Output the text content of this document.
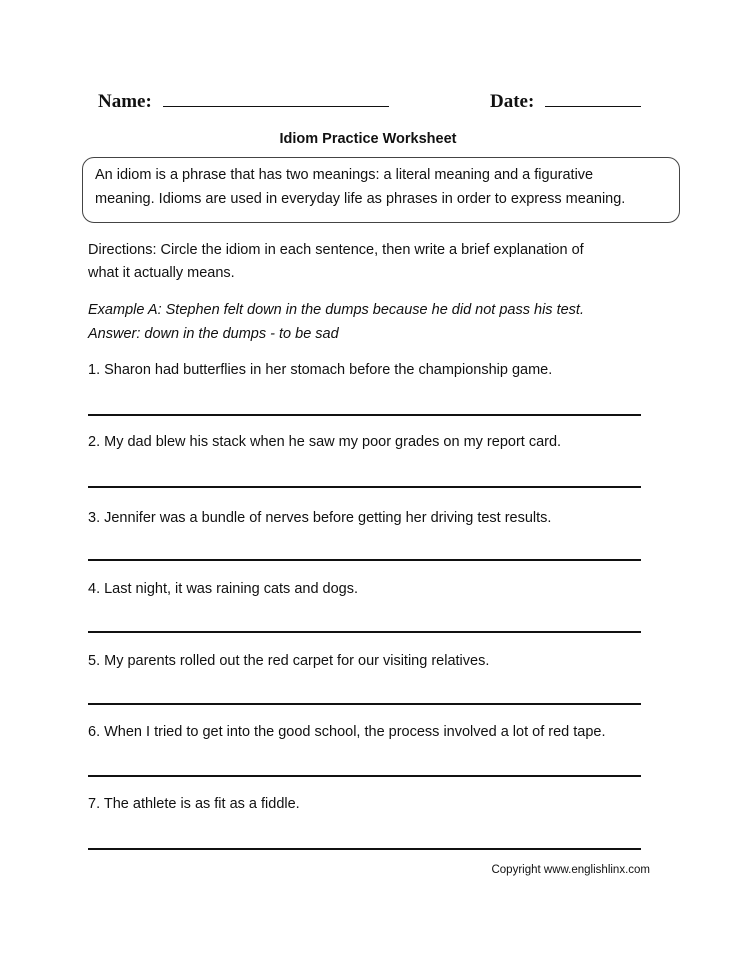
Name:	Date:
Idiom Practice Worksheet

An idiom is a phrase that has two meanings: a literal meaning and a figurative

meaning. Idioms are used in everyday life as phrases in order to express meaning.

Directions: Circle the idiom in each sentence, then write a brief explanation of
what it actually means.
Example A: Stephen felt down in the dumps because he did not pass his test.
Answer: down in the dumps - to be sad
1. Sharon had butterflies in her stomach before the championship game.
2. My dad blew his stack when he saw my poor grades on my report card.
3. Jennifer was a bundle of nerves before getting her driving test results.
4. Last night, it was raining cats and dogs.
5. My parents rolled out the red carpet for our visiting relatives.
6. When I tried to get into the good school, the process involved a lot of red tape.
7. The athlete is as fit as a fiddle.
Copyright www.englishlinx.com
